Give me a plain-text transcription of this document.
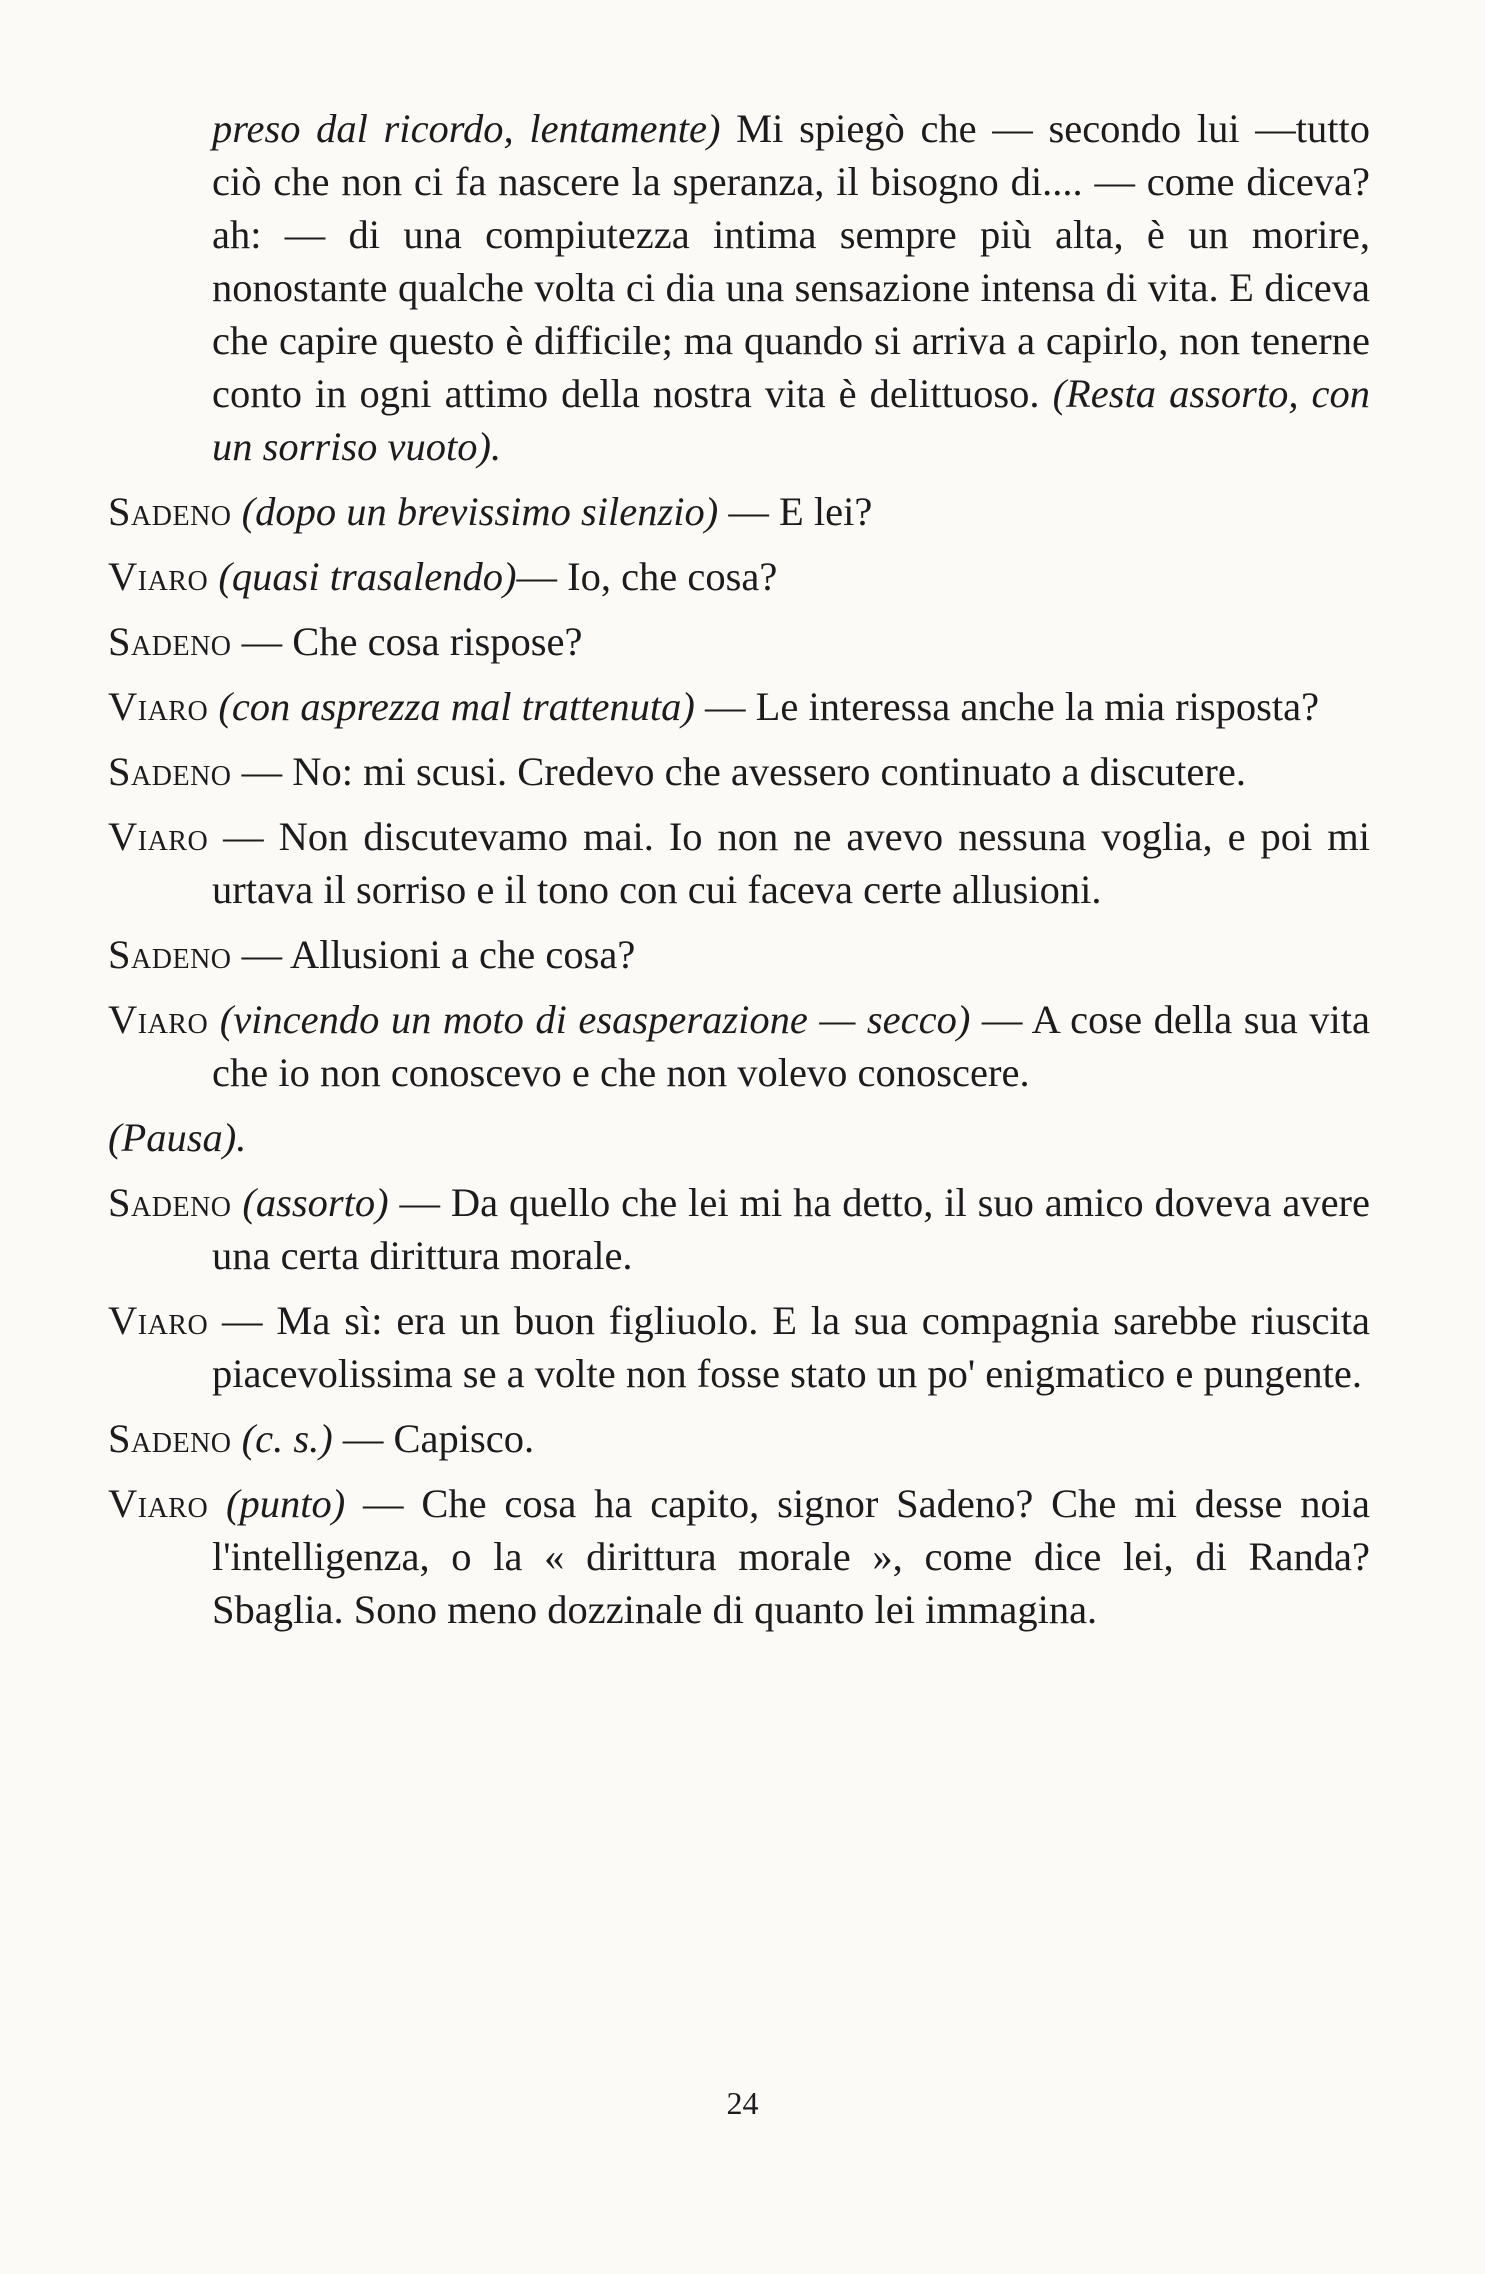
preso dal ricordo, lentamente) Mi spiegò che — secondo lui —tutto ciò che non ci fa nascere la speranza, il bisogno di.... — come diceva? ah: — di una compiutezza intima sempre più alta, è un morire, nonostante qualche volta ci dia una sensazione intensa di vita. E diceva che capire questo è difficile; ma quando si arriva a capirlo, non tenerne conto in ogni attimo della nostra vita è delittuoso. (Resta assorto, con un sorriso vuoto).

Sadeno (dopo un brevissimo silenzio) — E lei?

Viaro (quasi trasalendo)— Io, che cosa?

Sadeno — Che cosa rispose?

Viaro (con asprezza mal trattenuta) — Le interessa anche la mia risposta?

Sadeno — No: mi scusi. Credevo che avessero continuato a discutere.

Viaro — Non discutevamo mai. Io non ne avevo nessuna voglia, e poi mi urtava il sorriso e il tono con cui faceva certe allusioni.

Sadeno — Allusioni a che cosa?

Viaro (vincendo un moto di esasperazione — secco) — A cose della sua vita che io non conoscevo e che non volevo conoscere.

(Pausa).

Sadeno (assorto) — Da quello che lei mi ha detto, il suo amico doveva avere una certa dirittura morale.

Viaro — Ma sì: era un buon figliuolo. E la sua compagnia sarebbe riuscita piacevolissima se a volte non fosse stato un po' enigmatico e pungente.

Sadeno (c. s.) — Capisco.

Viaro (punto) — Che cosa ha capito, signor Sadeno? Che mi desse noia l'intelligenza, o la « dirittura morale », come dice lei, di Randa? Sbaglia. Sono meno dozzinale di quanto lei immagina.

24
